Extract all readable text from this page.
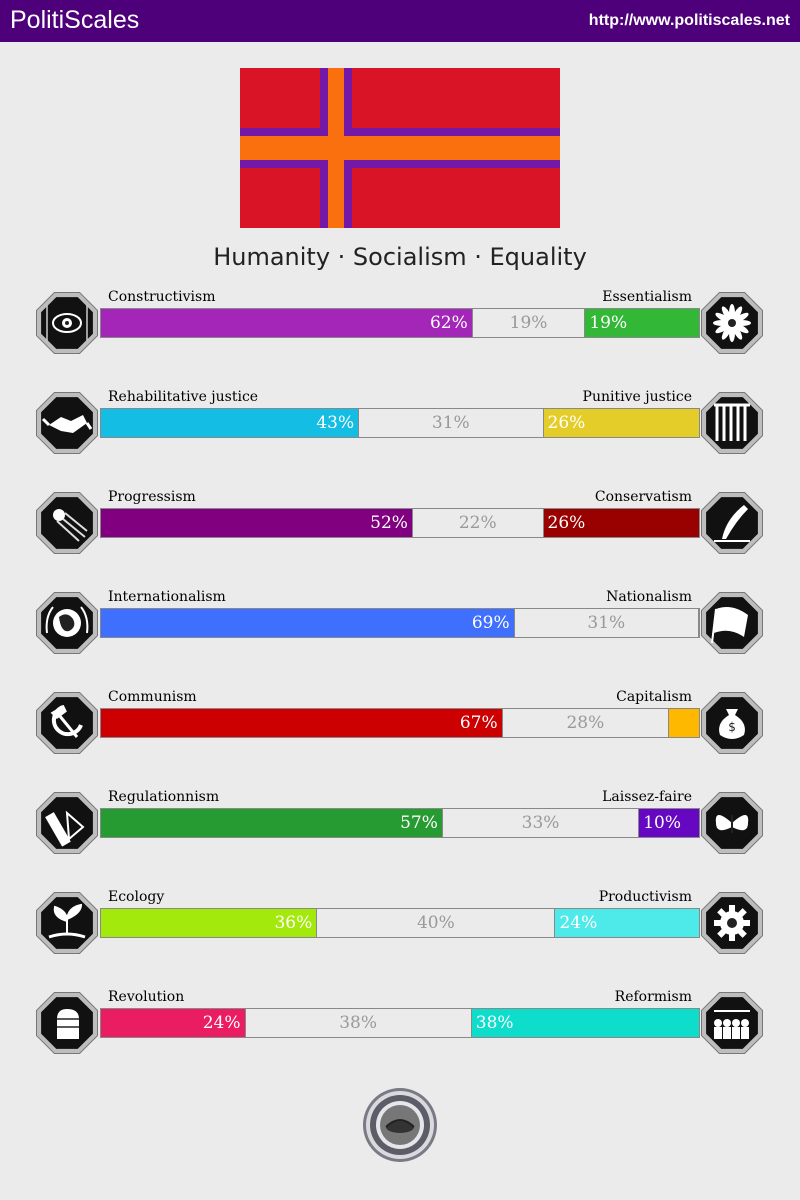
PolitiScales	http://www.politiscales.net
Humanity · Socialism · Equality
Constructivism	Essentialism
62%	19%	19%
Rehabilitative justice	Punitive justice
43%	31%	26%
Progressism	Conservatism
52%	22%	26%
Internationalism	Nationalism
69%	31%
Communism	Capitalism
67%	28%	$
Regulationnism	Laissez-faire
57%	33%	10%
Ecology	Productivism
36%	40%	24%
Revolution	Reformism
24%	38%	38%
